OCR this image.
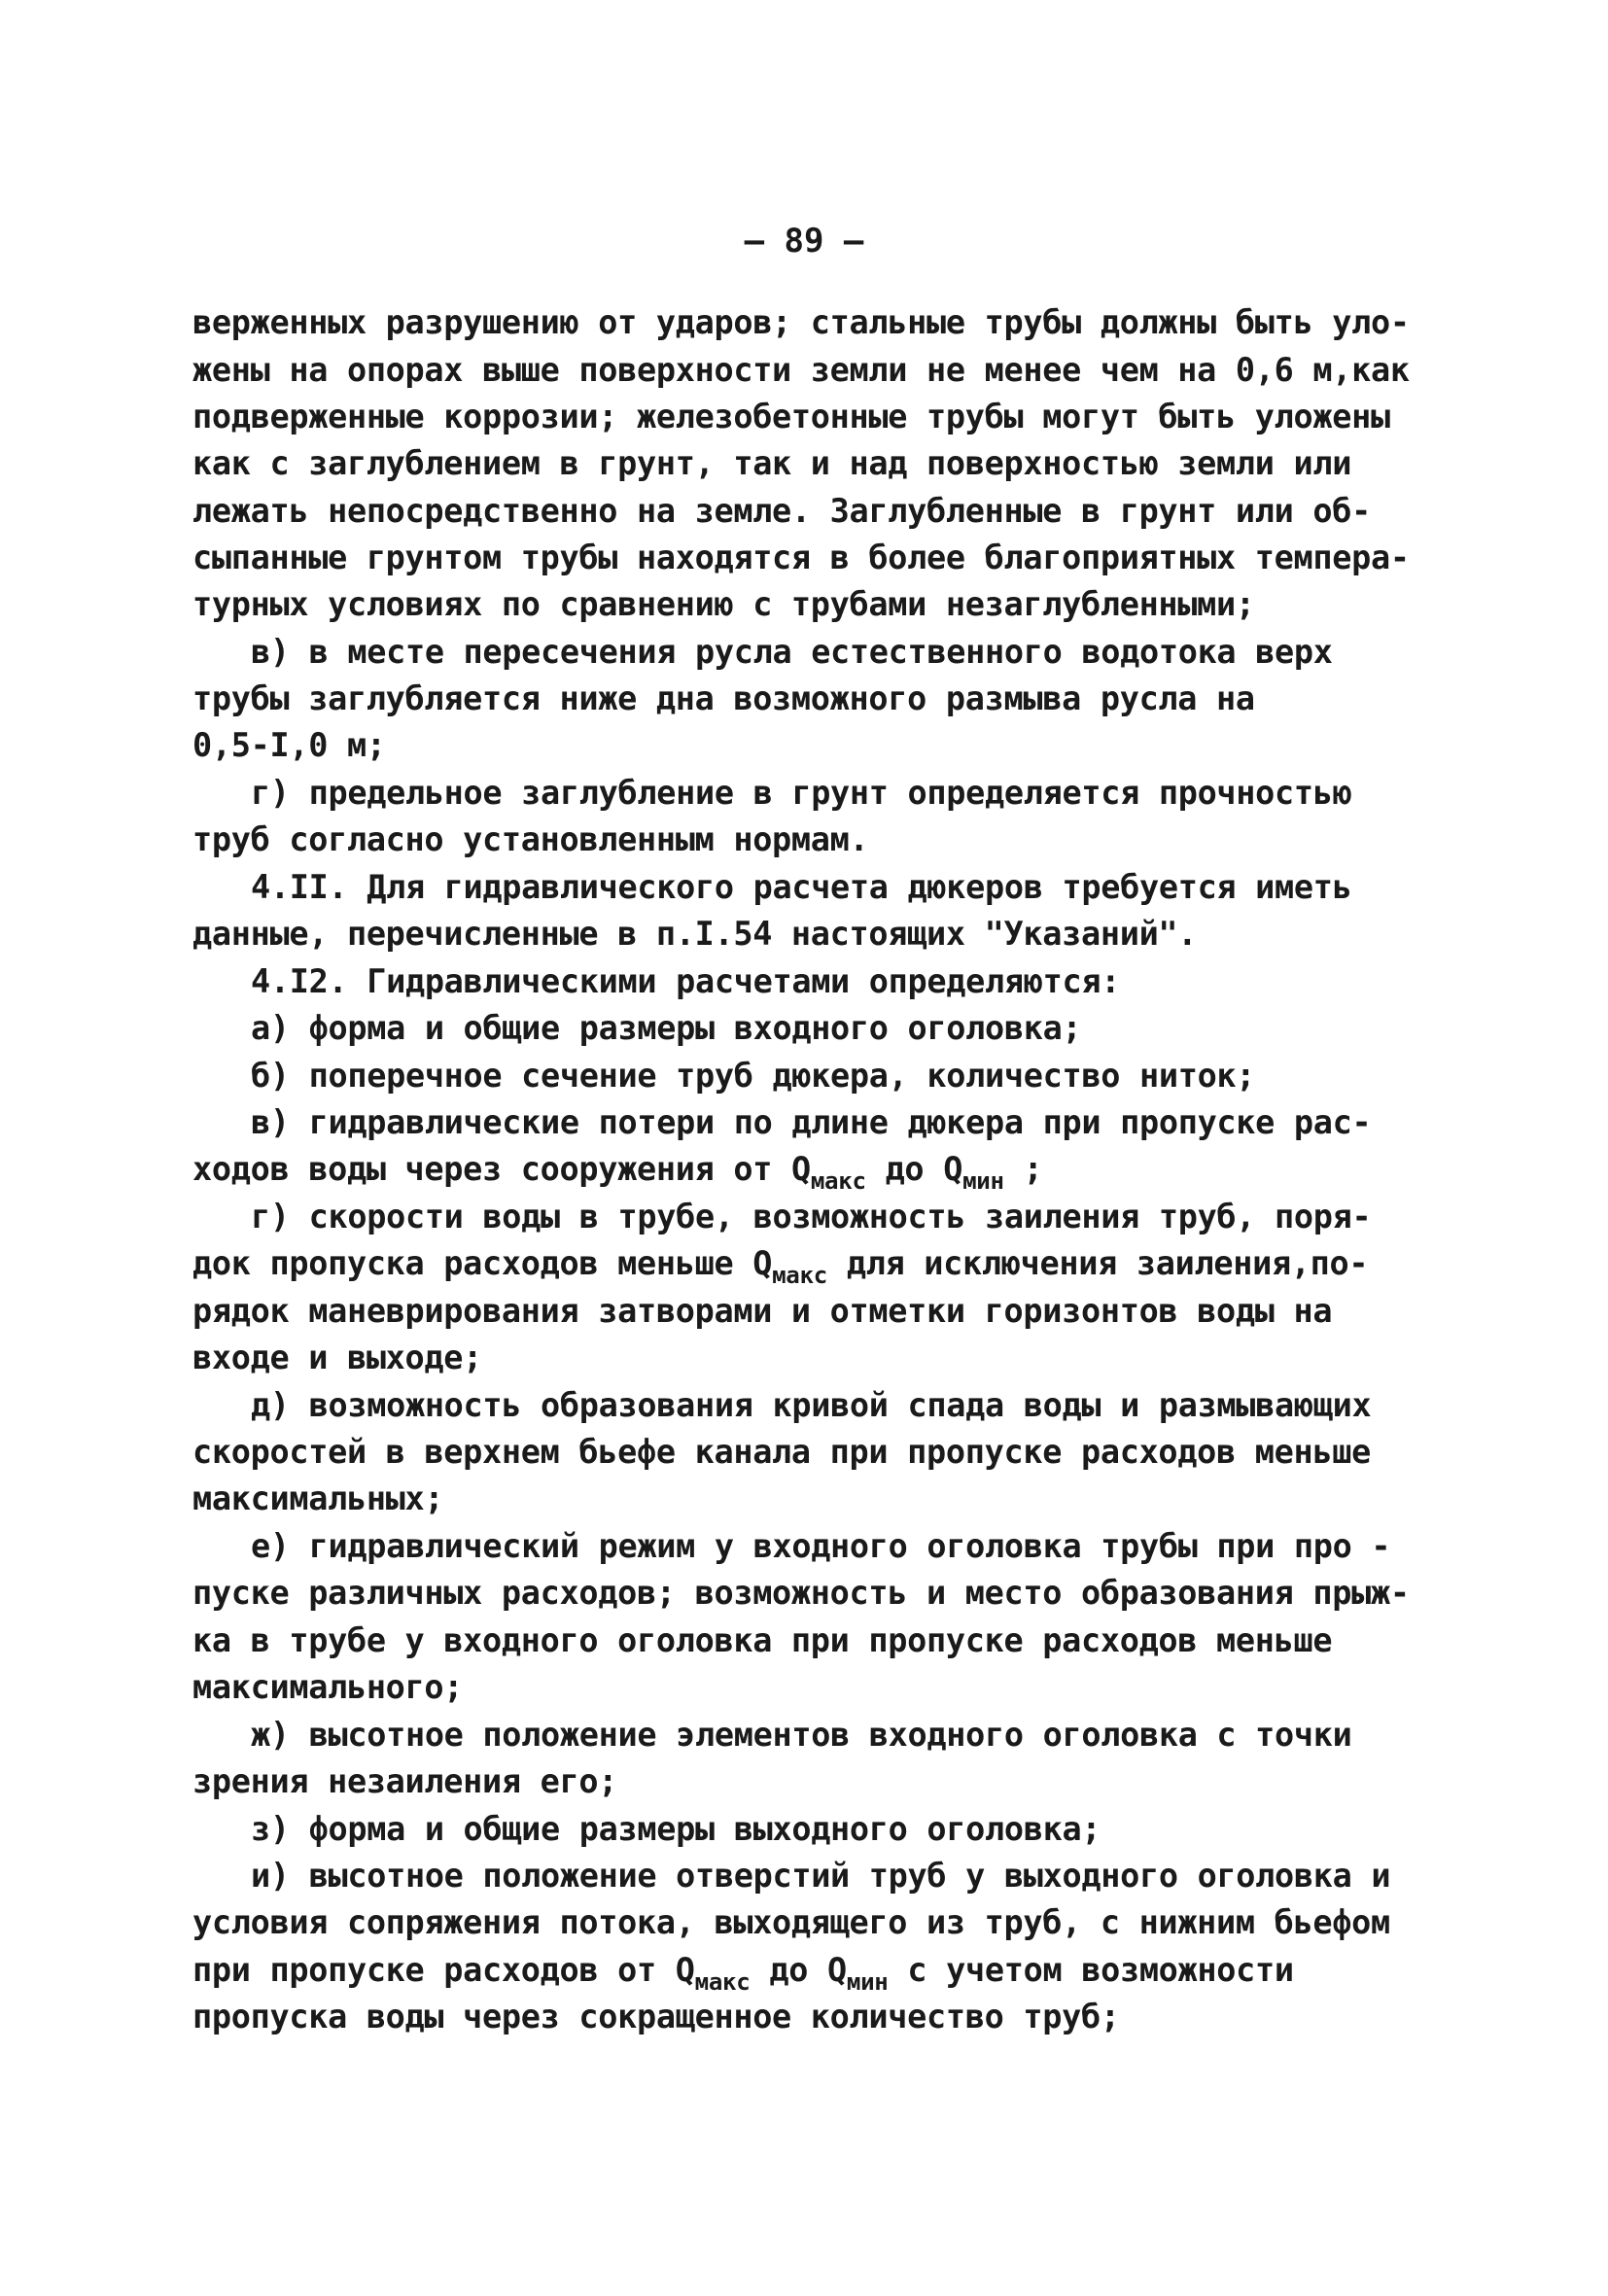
— 89 —
верженных разрушению от ударов; стальные трубы должны быть уло-
жены на опорах выше поверхности земли не менее чем на 0,6 м,как
подверженные коррозии; железобетонные трубы могут быть уложены
как с заглублением в грунт, так и над поверхностью земли или
лежать непосредственно на земле. Заглубленные в грунт или об-
сыпанные грунтом трубы находятся в более благоприятных темпера-
турных условиях по сравнению с трубами незаглубленными;
в) в месте пересечения русла естественного водотока верх
трубы заглубляется ниже дна возможного размыва русла на
0,5-I,0 м;
г) предельное заглубление в грунт определяется прочностью
труб согласно установленным нормам.
4.II. Для гидравлического расчета дюкеров требуется иметь
данные, перечисленные в п.I.54 настоящих "Указаний".
4.I2. Гидравлическими расчетами определяются:
а) форма и общие размеры входного оголовка;
б) поперечное сечение труб дюкера, количество ниток;
в) гидравлические потери по длине дюкера при пропуске рас-
ходов воды через сооружения от $Q_{макс}$ до $Q_{мин}$ ;
г) скорости воды в трубе, возможность заиления труб, поря-
док пропуска расходов меньше $Q_{макс}$ для исключения заиления,по-
рядок маневрирования затворами и отметки горизонтов воды на
входе и выходе;
д) возможность образования кривой спада воды и размывающих
скоростей в верхнем бьефе канала при пропуске расходов меньше
максимальных;
е) гидравлический режим у входного оголовка трубы при про -
пуске различных расходов; возможность и место образования прыж-
ка в трубе у входного оголовка при пропуске расходов меньше
максимального;
ж) высотное положение элементов входного оголовка с точки
зрения незаиления его;
з) форма и общие размеры выходного оголовка;
и) высотное положение отверстий труб у выходного оголовка и
условия сопряжения потока, выходящего из труб, с нижним бьефом
при пропуске расходов от $Q_{макс}$ до $Q_{мин}$ с учетом возможности
пропуска воды через сокращенное количество труб;
